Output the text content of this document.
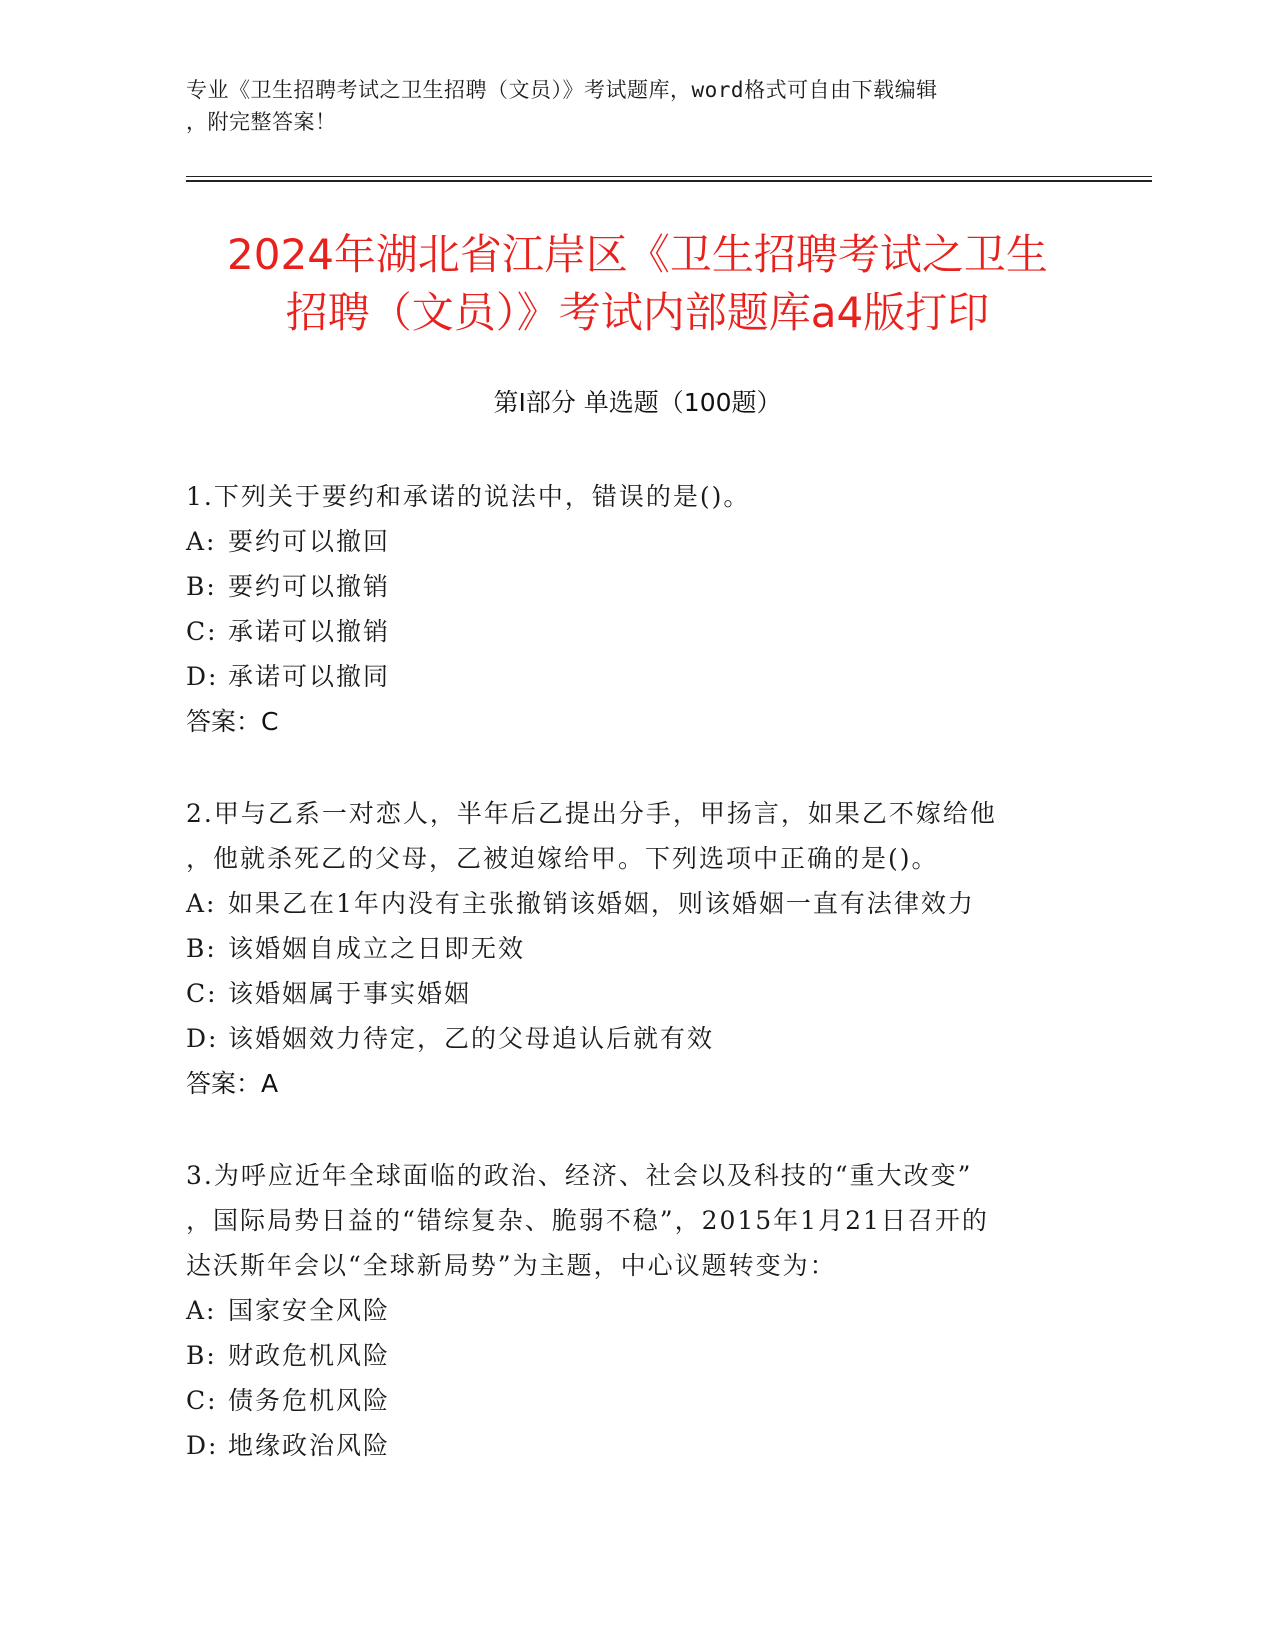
专业《卫生招聘考试之卫生招聘（文员）》考试题库，word格式可自由下载编辑
，附完整答案！
2024年湖北省江岸区《卫生招聘考试之卫生
招聘（文员）》考试内部题库a4版打印
第Ⅰ部分 单选题（100题）

1.下列关于要约和承诺的说法中，错误的是()。

A: 要约可以撤回

B: 要约可以撤销

C: 承诺可以撤销

D: 承诺可以撤同

答案：C

2.甲与乙系一对恋人，半年后乙提出分手，甲扬言，如果乙不嫁给他
，他就杀死乙的父母，乙被迫嫁给甲。下列选项中正确的是()。

A: 如果乙在1年内没有主张撤销该婚姻，则该婚姻一直有法律效力

B: 该婚姻自成立之日即无效

C: 该婚姻属于事实婚姻

D: 该婚姻效力待定，乙的父母追认后就有效

答案：A

3.为呼应近年全球面临的政治、经济、社会以及科技的“重大改变”
，国际局势日益的“错综复杂、脆弱不稳”，2015年1月21日召开的
达沃斯年会以“全球新局势”为主题，中心议题转变为：

A: 国家安全风险

B: 财政危机风险

C: 债务危机风险

D: 地缘政治风险
